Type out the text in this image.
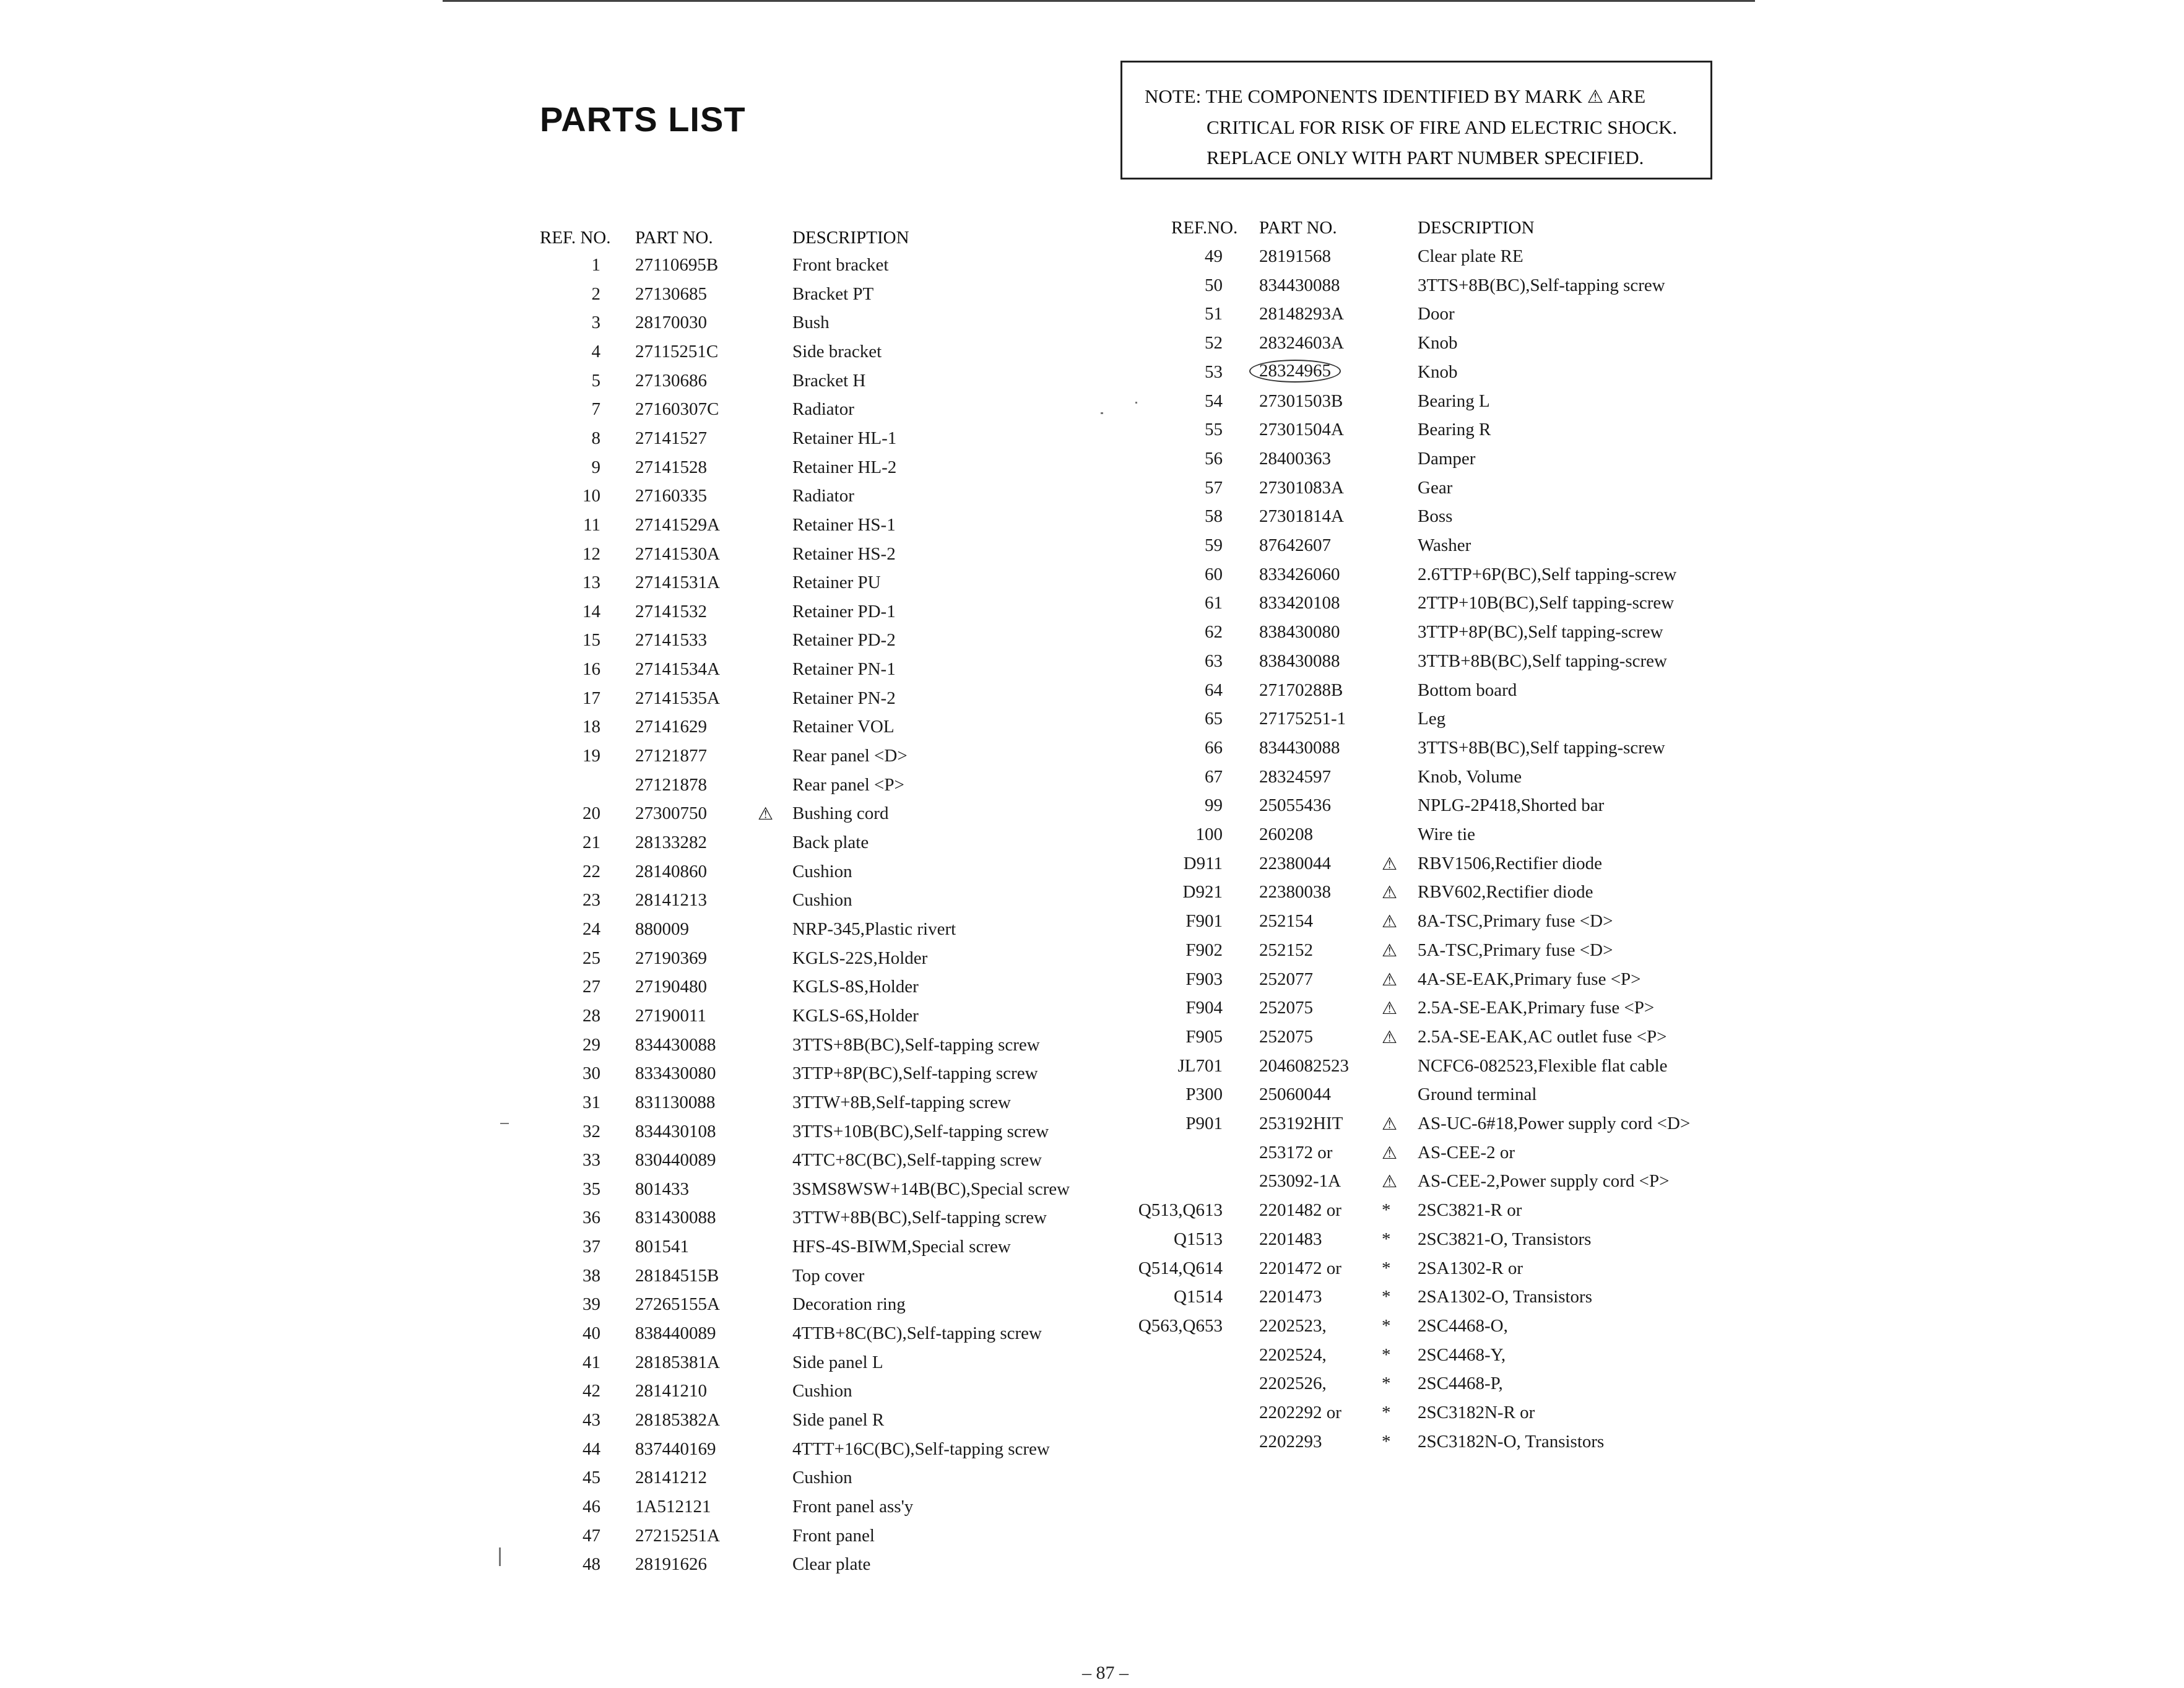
PARTS LIST
NOTE: THE COMPONENTS IDENTIFIED BY MARK ⚠ ARE
CRITICAL FOR RISK OF FIRE AND ELECTRIC SHOCK.
REPLACE ONLY WITH PART NUMBER SPECIFIED.
REF. NO. PART NO.	DESCRIPTION	REF.NO. PART NO.	DESCRIPTION
1 27110695B	Front bracket
2 27130685	Bracket PT
3 28170030	Bush
4 27115251C	Side bracket
5 27130686	Bracket H
7 27160307C	Radiator
8 27141527	Retainer HL-1
9 27141528	Retainer HL-2
10 27160335	Radiator
11 27141529A	Retainer HS-1
12 27141530A	Retainer HS-2
13 27141531A	Retainer PU
14 27141532	Retainer PD-1
15 27141533	Retainer PD-2
16 27141534A	Retainer PN-1
17 27141535A	Retainer PN-2
18 27141629	Retainer VOL
19 27121877	Rear panel <D>
27121878	Rear panel <P>
20 27300750	⚠ Bushing cord
21 28133282	Back plate
22 28140860	Cushion
23 28141213	Cushion
24 880009	NRP-345,Plastic rivert
25 27190369	KGLS-22S,Holder
27 27190480	KGLS-8S,Holder
28 27190011	KGLS-6S,Holder
29 834430088	3TTS+8B(BC),Self-tapping screw
30 833430080	3TTP+8P(BC),Self-tapping screw
31 831130088	3TTW+8B,Self-tapping screw
32 834430108	3TTS+10B(BC),Self-tapping screw
33 830440089	4TTC+8C(BC),Self-tapping screw
35 801433	3SMS8WSW+14B(BC),Special screw
36 831430088	3TTW+8B(BC),Self-tapping screw
37 801541	HFS-4S-BIWM,Special screw
38 28184515B	Top cover
39 27265155A	Decoration ring
40 838440089	4TTB+8C(BC),Self-tapping screw
41 28185381A	Side panel L
42 28141210	Cushion
43 28185382A	Side panel R
44 837440169	4TTT+16C(BC),Self-tapping screw
45 28141212	Cushion
46 1A512121	Front panel ass'y
47 27215251A	Front panel
48 28191626	Clear plate
49 28191568	Clear plate RE
50 834430088	3TTS+8B(BC),Self-tapping screw
51 28148293A	Door
52 28324603A	Knob
53	28324965	Knob
54 27301503B	Bearing L
55 27301504A	Bearing R
56 28400363	Damper
57 27301083A	Gear
58 27301814A	Boss
59 87642607	Washer
60 833426060	2.6TTP+6P(BC),Self tapping-screw
61 833420108	2TTP+10B(BC),Self tapping-screw
62 838430080	3TTP+8P(BC),Self tapping-screw
63 838430088	3TTB+8B(BC),Self tapping-screw
64 27170288B	Bottom board
65 27175251-1	Leg
66 834430088	3TTS+8B(BC),Self tapping-screw
67 28324597	Knob, Volume
99 25055436	NPLG-2P418,Shorted bar
100 260208	Wire tie
D911 22380044	⚠ RBV1506,Rectifier diode
D921 22380038	⚠ RBV602,Rectifier diode
F901 252154	⚠ 8A-TSC,Primary fuse <D>
F902 252152	⚠ 5A-TSC,Primary fuse <D>
F903 252077	⚠ 4A-SE-EAK,Primary fuse <P>
F904 252075	⚠ 2.5A-SE-EAK,Primary fuse <P>
F905 252075	⚠ 2.5A-SE-EAK,AC outlet fuse <P>
JL701 2046082523	NCFC6-082523,Flexible flat cable
P300 25060044	Ground terminal
P901 253192HIT ⚠ AS-UC-6#18,Power supply cord <D>
253172 or	⚠ AS-CEE-2 or
253092-1A ⚠ AS-CEE-2,Power supply cord <P>
Q513,Q613 2201482 or * 2SC3821-R or
Q1513 2201483	* 2SC3821-O, Transistors
Q514,Q614 2201472 or * 2SA1302-R or
Q1514 2201473	* 2SA1302-O, Transistors
Q563,Q653 2202523,	* 2SC4468-O,
2202524,	* 2SC4468-Y,
2202526,	* 2SC4468-P,
2202292 or * 2SC3182N-R or
2202293	* 2SC3182N-O, Transistors
– 87 –
